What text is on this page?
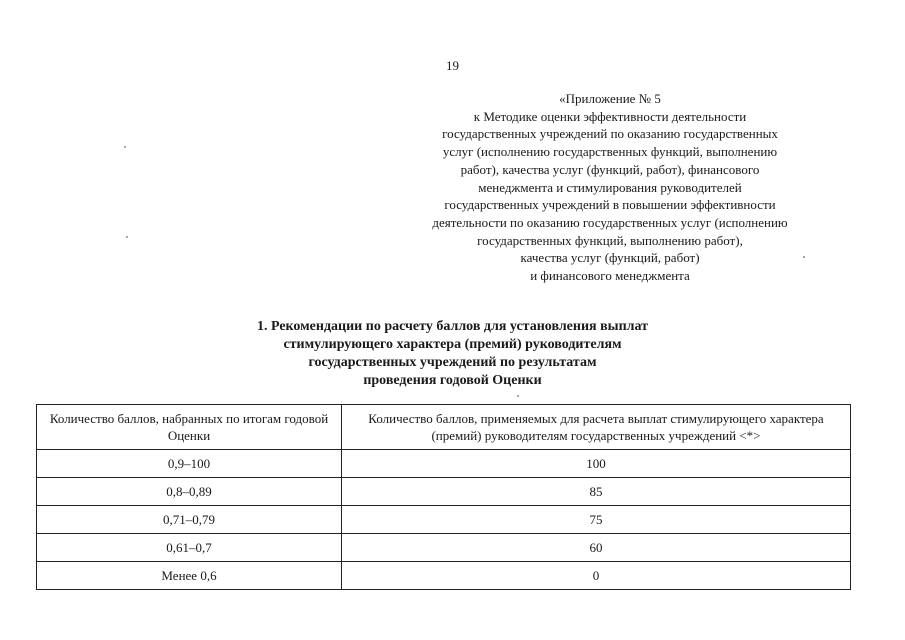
19
«Приложение № 5
к Методике оценки эффективности деятельности
государственных учреждений по оказанию государственных
услуг (исполнению государственных функций, выполнению
работ), качества услуг (функций, работ), финансового
менеджмента и стимулирования руководителей
государственных учреждений в повышении эффективности
деятельности по оказанию государственных услуг (исполнению
государственных функций, выполнению работ),
качества услуг (функций, работ)
и финансового менеджмента
1. Рекомендации по расчету баллов для установления выплат
стимулирующего характера (премий) руководителям
государственных учреждений по результатам
проведения годовой Оценки
Количество баллов, набранных по итогам годовой Оценки	Количество баллов, применяемых для расчета выплат стимулирующего характера (премий) руководителям государственных учреждений <*>
0,9–100	100
0,8–0,89	85
0,71–0,79	75
0,61–0,7	60
Менее 0,6	0
